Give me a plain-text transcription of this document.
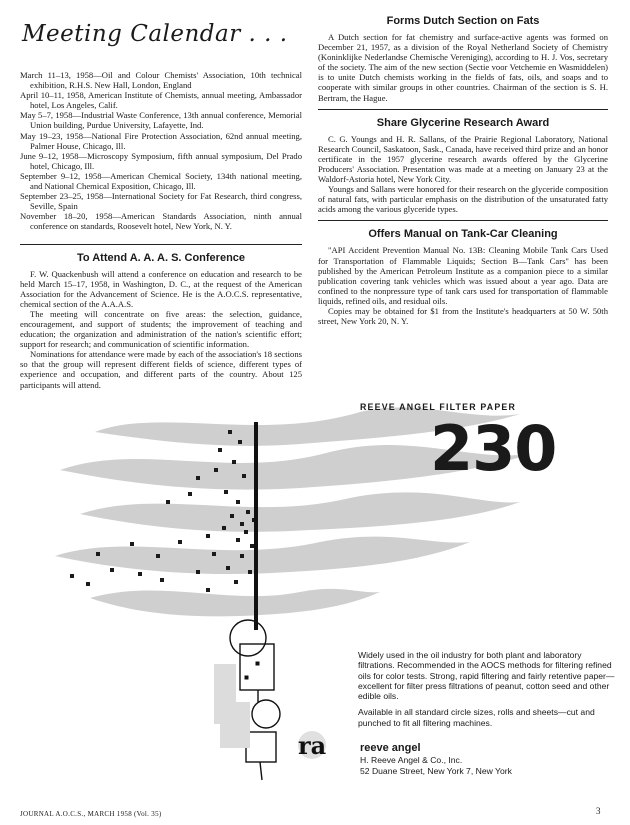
Meeting Calendar . . .

March 11–13, 1958—Oil and Colour Chemists' Association, 10th technical exhibition, R.H.S. New Hall, London, England

April 10–11, 1958, American Institute of Chemists, annual meeting, Ambassador hotel, Los Angeles, Calif.

May 5–7, 1958—Industrial Waste Conference, 13th annual conference, Memorial Union building, Purdue University, Lafayette, Ind.

May 19–23, 1958—National Fire Protection Association, 62nd annual meeting, Palmer House, Chicago, Ill.

June 9–12, 1958—Microscopy Symposium, fifth annual symposium, Del Prado hotel, Chicago, Ill.

September 9–12, 1958—American Chemical Society, 134th national meeting, and National Chemical Exposition, Chicago, Ill.

September 23–25, 1958—International Society for Fat Research, third congress, Seville, Spain

November 18–20, 1958—American Standards Association, ninth annual conference on standards, Roosevelt hotel, New York, N. Y.

To Attend A. A. A. S. Conference

F. W. Quackenbush will attend a conference on education and research to be held March 15–17, 1958, in Washington, D. C., at the request of the American Association for the Advancement of Science. He is the A.O.C.S. representative, chemical section of the A.A.A.S.

The meeting will concentrate on five areas: the selection, guidance, encouragement, and support of students; the improvement of teaching and education; the organization and administration of the nation's scientific effort; support for research; and communication of scientific information.

Nominations for attendance were made by each of the association's 18 sections so that the group will represent different fields of science, different types of experience and occupation, and different parts of the country. About 125 participants will attend.

Forms Dutch Section on Fats

A Dutch section for fat chemistry and surface-active agents was formed on December 21, 1957, as a division of the Royal Netherland Society of Chemistry (Koninklijke Nederlandse Chemische Vereniging), according to H. J. Vos, secretary of the society. The aim of the new section (Sectie voor Vetchemie en Wasmiddelen) is to unite Dutch chemists working in the fields of fats, oils, and soaps and to cooperate with similar groups in other countries. Chairman of the section is S. H. Bertram, the Hague.

Share Glycerine Research Award

C. G. Youngs and H. R. Sallans, of the Prairie Regional Laboratory, National Research Council, Saskatoon, Sask., Canada, have received third prize and an honor certificate in the 1957 glycerine research awards offered by the Glycerine Producers' Association. Presentation was made at a meeting on January 23 at the Waldorf-Astoria hotel, New York City.

Youngs and Sallans were honored for their research on the glyceride composition of natural fats, with particular emphasis on the distribution of the unsaturated fatty acids among the various glyceride types.

Offers Manual on Tank-Car Cleaning

"API Accident Prevention Manual No. 13B: Cleaning Mobile Tank Cars Used for Transportation of Flammable Liquids; Section B—Tank Cars" has been published by the American Petroleum Institute as a companion piece to a similar publication covering tank vehicles which was issued about a year ago. Data are confined to the nonpressure type of tank cars used for transportation of flammable liquids, refined oils, and residual oils.

Copies may be obtained for $1 from the Institute's headquarters at 50 W. 50th street, New York 20, N. Y.

REEVE ANGEL FILTER PAPER
230

Widely used in the oil industry for both plant and laboratory filtrations. Recommended in the AOCS methods for filtering refined oils for color tests. Strong, rapid filtering and fairly retentive paper—excellent for filter press filtrations of peanut, cotton seed and other edible oils.

Available in all standard circle sizes, rolls and sheets—cut and punched to fit all filtering machines.

ra	reeve angel
H. Reeve Angel & Co., Inc.
52 Duane Street, New York 7, New York
JOURNAL A.O.C.S., MARCH 1958 (Vol. 35)	3
